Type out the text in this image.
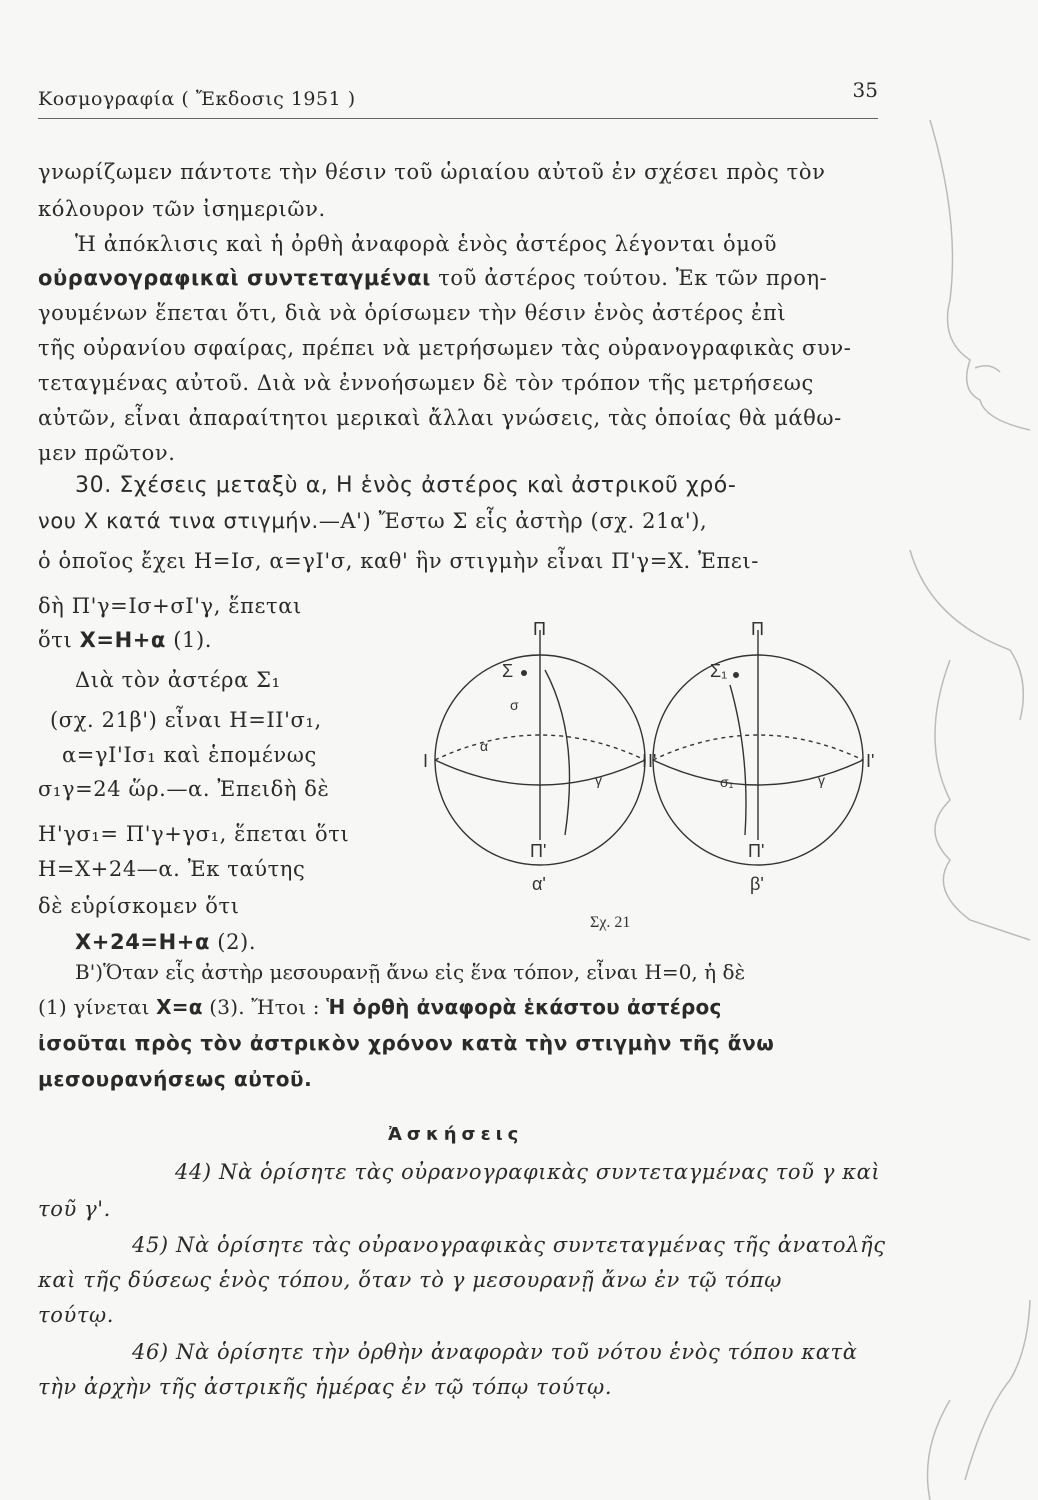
Κοσμογραφία ( Ἔκδοσις 1951 )	35
γνωρίζωμεν πάντοτε τὴν θέσιν τοῦ ὡριαίου αὐτοῦ ἐν σχέσει πρὸς τὸν
κόλουρον τῶν ἰσημεριῶν.
Ἡ ἀπόκλισις καὶ ἡ ὀρθὴ ἀναφορὰ ἑνὸς ἀστέρος λέγονται ὁμοῦ
οὐρανογραφικαὶ συντεταγμέναι τοῦ ἀστέρος τούτου. Ἐκ τῶν προη-
γουμένων ἕπεται ὅτι, διὰ νὰ ὁρίσωμεν τὴν θέσιν ἑνὸς ἀστέρος ἐπὶ
τῆς οὐρανίου σφαίρας, πρέπει νὰ μετρήσωμεν τὰς οὐρανογραφικὰς συν-
τεταγμένας αὐτοῦ. Διὰ νὰ ἐννοήσωμεν δὲ τὸν τρόπον τῆς μετρήσεως
αὐτῶν, εἶναι ἀπαραίτητοι μερικαὶ ἄλλαι γνώσεις, τὰς ὁποίας θὰ μάθω-
μεν πρῶτον.
30. Σχέσεις μεταξὺ α, Η ἑνὸς ἀστέρος καὶ ἀστρικοῦ χρό-
νου Χ κατά τινα στιγμήν.—Α') Ἔστω Σ εἷς ἀστὴρ (σχ. 21α'),
ὁ ὁποῖος ἔχει Η=Ισ, α=γΙ'σ, καθ' ἣν στιγμὴν εἶναι Π'γ=Χ. Ἐπει-
δὴ Π'γ=Ισ+σΙ'γ, ἕπεται
ὅτι Χ=Η+α (1).
Διὰ τὸν ἀστέρα Σ₁
(σχ. 21β') εἶναι Η=ΙΙ'σ₁,
α=γΙ'Ισ₁ καὶ ἑπομένως
σ₁γ=24 ὥρ.—α. Ἐπειδὴ δὲ
Η'γσ₁= Π'γ+γσ₁, ἕπεται ὅτι
Η=Χ+24—α. Ἐκ ταύτης
δὲ εὑρίσκομεν ὅτι
Χ+24=Η+α (2).
Β')Ὅταν εἷς ἀστὴρ μεσουρανῇ ἄνω εἰς ἕνα τόπον, εἶναι Η=0, ἡ δὲ
(1) γίνεται Χ=α (3). Ἤτοι : Ἡ ὀρθὴ ἀναφορὰ ἑκάστου ἀστέρος
ἰσοῦται πρὸς τὸν ἀστρικὸν χρόνον κατὰ τὴν στιγμὴν τῆς ἄνω
μεσουρανήσεως αὐτοῦ.
Ἀσκήσεις
44) Νὰ ὁρίσητε τὰς οὐρανογραφικὰς συντεταγμένας τοῦ γ καὶ
τοῦ γ'.
45) Νὰ ὁρίσητε τὰς οὐρανογραφικὰς συντεταγμένας τῆς ἀνατολῆς
καὶ τῆς δύσεως ἑνὸς τόπου, ὅταν τὸ γ μεσουρανῇ ἄνω ἐν τῷ τόπῳ
τούτῳ.
46) Νὰ ὁρίσητε τὴν ὀρθὴν ἀναφορὰν τοῦ νότου ἑνὸς τόπου κατὰ
τὴν ἀρχὴν τῆς ἀστρικῆς ἡμέρας ἐν τῷ τόπῳ τούτῳ.
Π
Π'
α'
Σ
Ι	Ι'
σ
α
γ
Π
Π'
β'
Σ₁
Ι	Ι'
σ₁	γ
Σχ. 21
